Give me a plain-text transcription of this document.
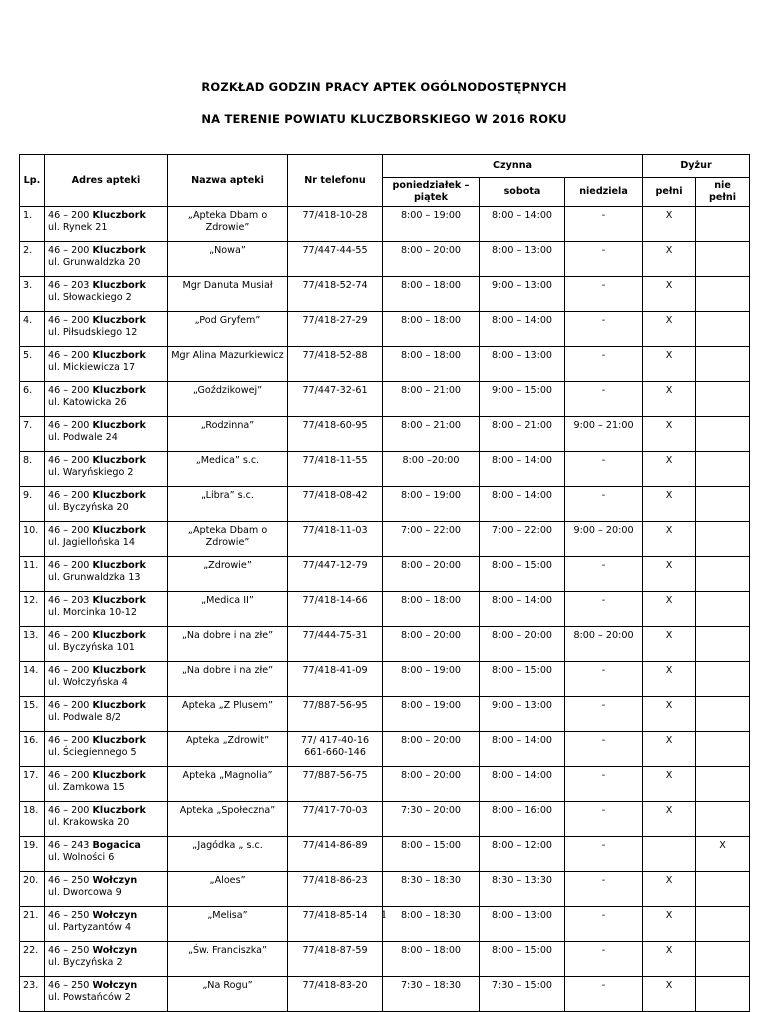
ROZKŁAD GODZIN PRACY APTEK OGÓLNODOSTĘPNYCH
NA TERENIE POWIATU KLUCZBORSKIEGO W 2016 ROKU
Lp.	Adres apteki	Nazwa apteki	Nr telefonu	Czynna			Dyżur	
				poniedziałek – piątek	sobota	niedziela	pełni	nie pełni
1.	46 – 200 Kluczbork
ul. Rynek 21	„Apteka Dbam o Zdrowie”	77/418-10-28	8:00 – 19:00	8:00 – 14:00	-	X	
2.	46 – 200 Kluczbork
ul. Grunwaldzka 20	„Nowa”	77/447-44-55	8:00 – 20:00	8:00 – 13:00	-	X	
3.	46 – 203 Kluczbork
ul. Słowackiego 2	Mgr Danuta Musiał	77/418-52-74	8:00 – 18:00	9:00 – 13:00	-	X	
4.	46 – 200 Kluczbork
ul. Piłsudskiego 12	„Pod Gryfem”	77/418-27-29	8:00 – 18:00	8:00 – 14:00	-	X	
5.	46 – 200 Kluczbork
ul. Mickiewicza 17	Mgr Alina Mazurkiewicz	77/418-52-88	8:00 – 18:00	8:00 – 13:00	-	X	
6.	46 – 200 Kluczbork
ul. Katowicka 26	„Goździkowej”	77/447-32-61	8:00 – 21:00	9:00 – 15:00	-	X	
7.	46 – 200 Kluczbork
ul. Podwale 24	„Rodzinna”	77/418-60-95	8:00 – 21:00	8:00 – 21:00	9:00 – 21:00	X	
8.	46 – 200 Kluczbork
ul. Waryńskiego 2	„Medica” s.c.	77/418-11-55	8:00 –20:00	8:00 – 14:00	-	X	
9.	46 – 200 Kluczbork
ul. Byczyńska 20	„Libra” s.c.	77/418-08-42	8:00 – 19:00	8:00 – 14:00	-	X	
10.	46 – 200 Kluczbork
ul. Jagiellońska 14	„Apteka Dbam o Zdrowie”	77/418-11-03	7:00 – 22:00	7:00 – 22:00	9:00 – 20:00	X	
11.	46 – 200 Kluczbork
ul. Grunwaldzka 13	„Zdrowie”	77/447-12-79	8:00 – 20:00	8:00 – 15:00	-	X	
12.	46 – 203 Kluczbork
ul. Morcinka 10-12	„Medica II”	77/418-14-66	8:00 – 18:00	8:00 – 14:00	-	X	
13.	46 – 200 Kluczbork
ul. Byczyńska 101	„Na dobre i na złe”	77/444-75-31	8:00 – 20:00	8:00 – 20:00	8:00 – 20:00	X	
14.	46 – 200 Kluczbork
ul. Wołczyńska 4	„Na dobre i na złe”	77/418-41-09	8:00 – 19:00	8:00 – 15:00	-	X	
15.	46 – 200 Kluczbork
ul. Podwale 8/2	Apteka „Z Plusem”	77/887-56-95	8:00 – 19:00	9:00 – 13:00	-	X	
16.	46 – 200 Kluczbork
ul. Ściegiennego 5	Apteka „Zdrowit”	77/ 417-40-16
661-660-146	8:00 – 20:00	8:00 – 14:00	-	X	
17.	46 – 200 Kluczbork
ul. Zamkowa 15	Apteka „Magnolia”	77/887-56-75	8:00 – 20:00	8:00 – 14:00	-	X	
18.	46 – 200 Kluczbork
ul. Krakowska 20	Apteka „Społeczna”	77/417-70-03	7:30 – 20:00	8:00 – 16:00	-	X	
19.	46 – 243 Bogacica
ul. Wolności 6	„Jagódka „ s.c.	77/414-86-89	8:00 – 15:00	8:00 – 12:00	-		X
20.	46 – 250 Wołczyn
ul. Dworcowa 9	„Aloes”	77/418-86-23	8:30 – 18:30	8:30 – 13:30	-	X	
21.	46 – 250 Wołczyn
ul. Partyzantów 4	„Melisa”	77/418-85-14	8:00 – 18:30	8:00 – 13:00	-	X	
22.	46 – 250 Wołczyn
ul. Byczyńska 2	„Św. Franciszka”	77/418-87-59	8:00 – 18:00	8:00 – 15:00	-	X	
23.	46 – 250 Wołczyn
ul. Powstańców 2	„Na Rogu”	77/418-83-20	7:30 – 18:30	7:30 – 15:00	-	X	
1
